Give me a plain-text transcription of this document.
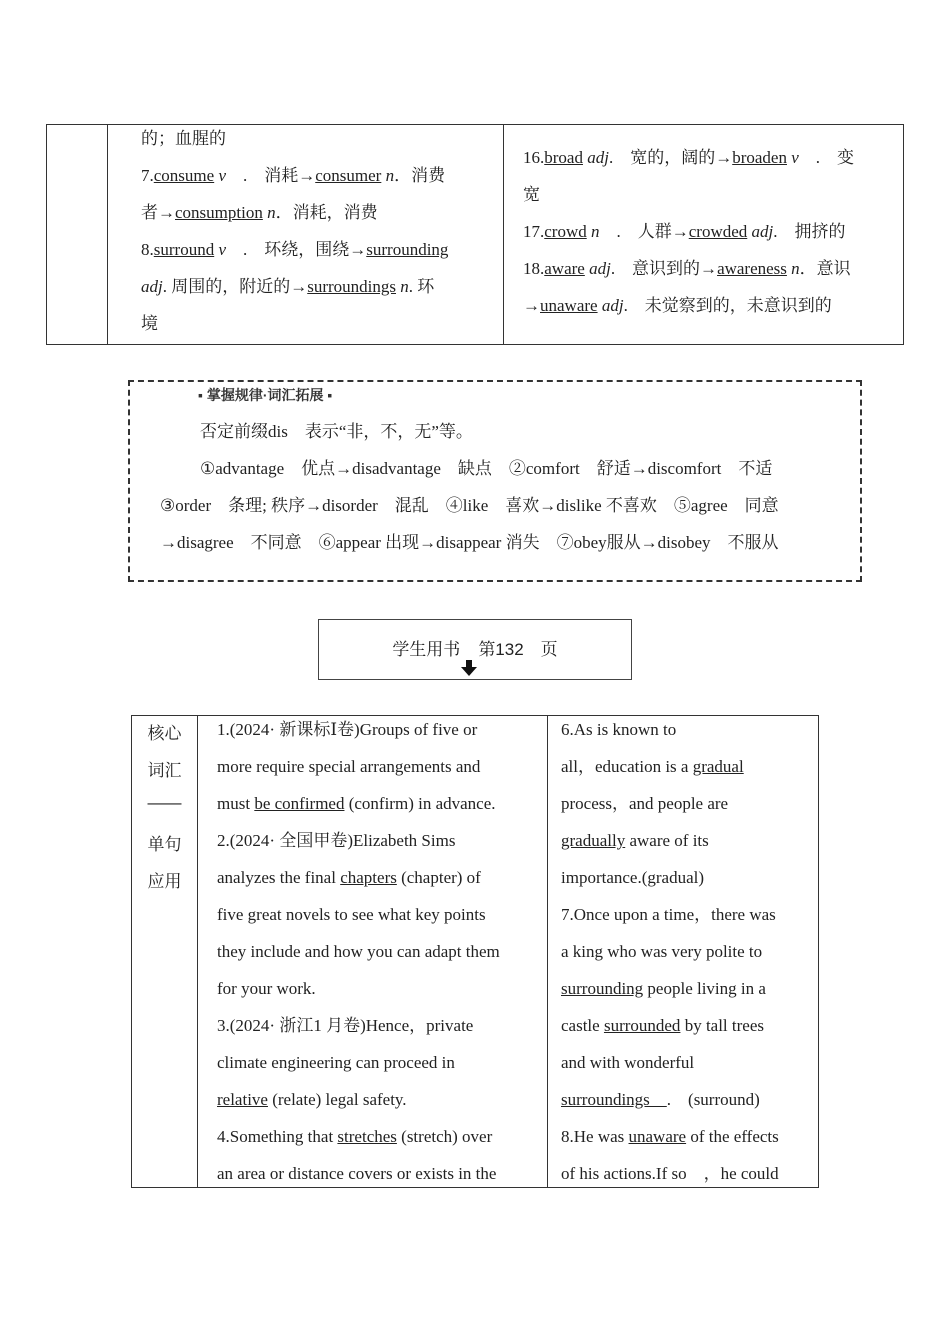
的；血腥的
7.consume v　.　消耗→consumer n．消费
者→consumption n．消耗，消费
8.surround v　.　环绕，围绕→surrounding
adj. 周围的，附近的→surroundings n. 环
境
16.broad adj.　宽的，阔的→broaden v　.　变
宽
17.crowd n　.　人群→crowded adj.　拥挤的
18.aware adj.　意识到的→awareness n．意识
→unaware adj.　未觉察到的，未意识到的
▪ 掌握规律·词汇拓展 ▪
否定前缀dis　表示“非，不，无”等。
①advantage　优点→disadvantage　缺点　②comfort　舒适→discomfort　不适
③order　条理; 秩序→disorder　混乱　④like　喜欢→dislike 不喜欢　⑤agree　同意
→disagree　不同意　⑥appear 出现→disappear 消失　⑦obey服从→disobey　不服从
学生用书 第132　页
核心
词汇
——
单句
应用
1.(2024· 新课标Ⅰ卷)Groups of five or
more require special arrangements and
must be confirmed (confirm) in advance.
2.(2024· 全国甲卷)Elizabeth Sims
analyzes the final chapters (chapter) of
five great novels to see what key points
they include and how you can adapt them
for your work.
3.(2024· 浙江1 月卷)Hence，private
climate engineering can proceed in
relative (relate) legal safety.
4.Something that stretches (stretch) over
an area or distance covers or exists in the
6.As is known to
all，education is a gradual
process，and people are
gradually aware of its
importance.(gradual)
7.Once upon a time，there was
a king who was very polite to
surrounding people living in a
castle surrounded by tall trees
and with wonderful
surroundings　.　(surround)
8.He was unaware of the effects
of his actions.If so　，he could
